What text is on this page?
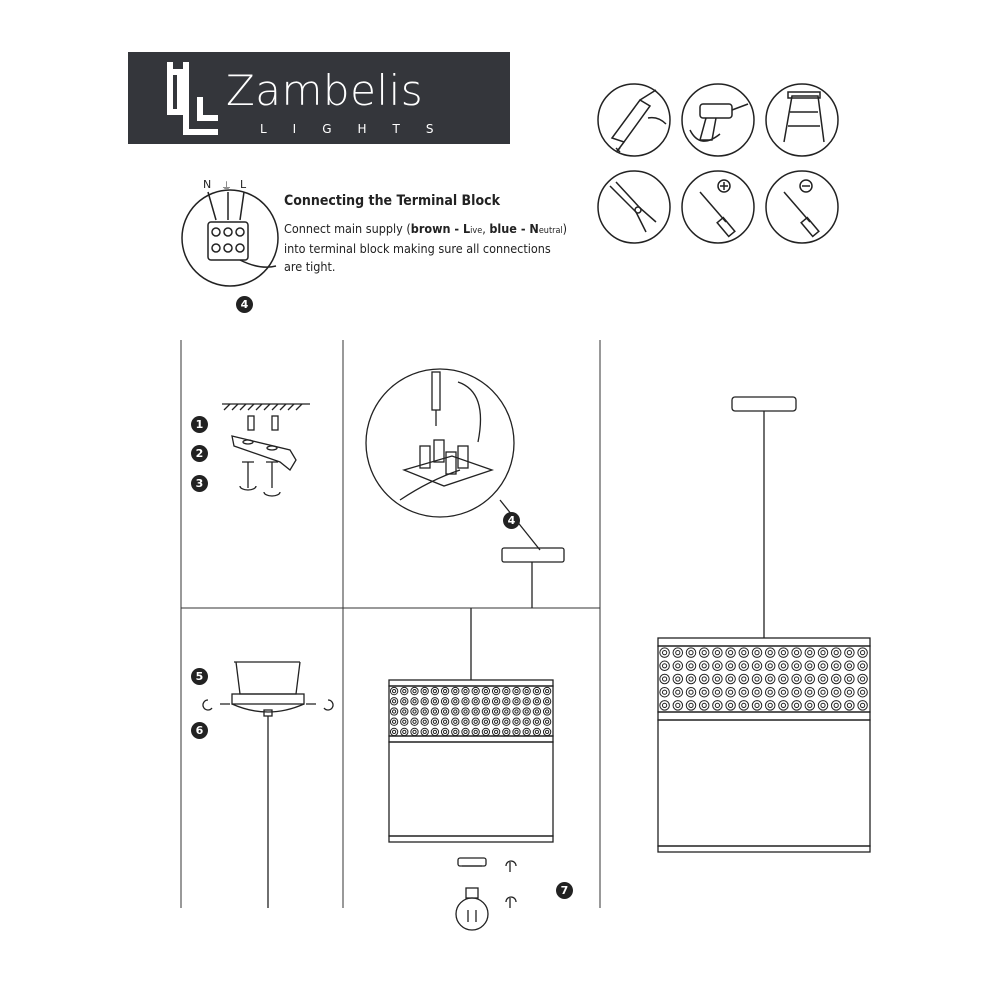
Zambelis
LIGHTS
N ⏚ L
4
Connecting the Terminal Block
Connect main supply (brown - Live, blue - Neutral)
into terminal block making sure all connections
are tight.
1
2
3
4
5
6
7
